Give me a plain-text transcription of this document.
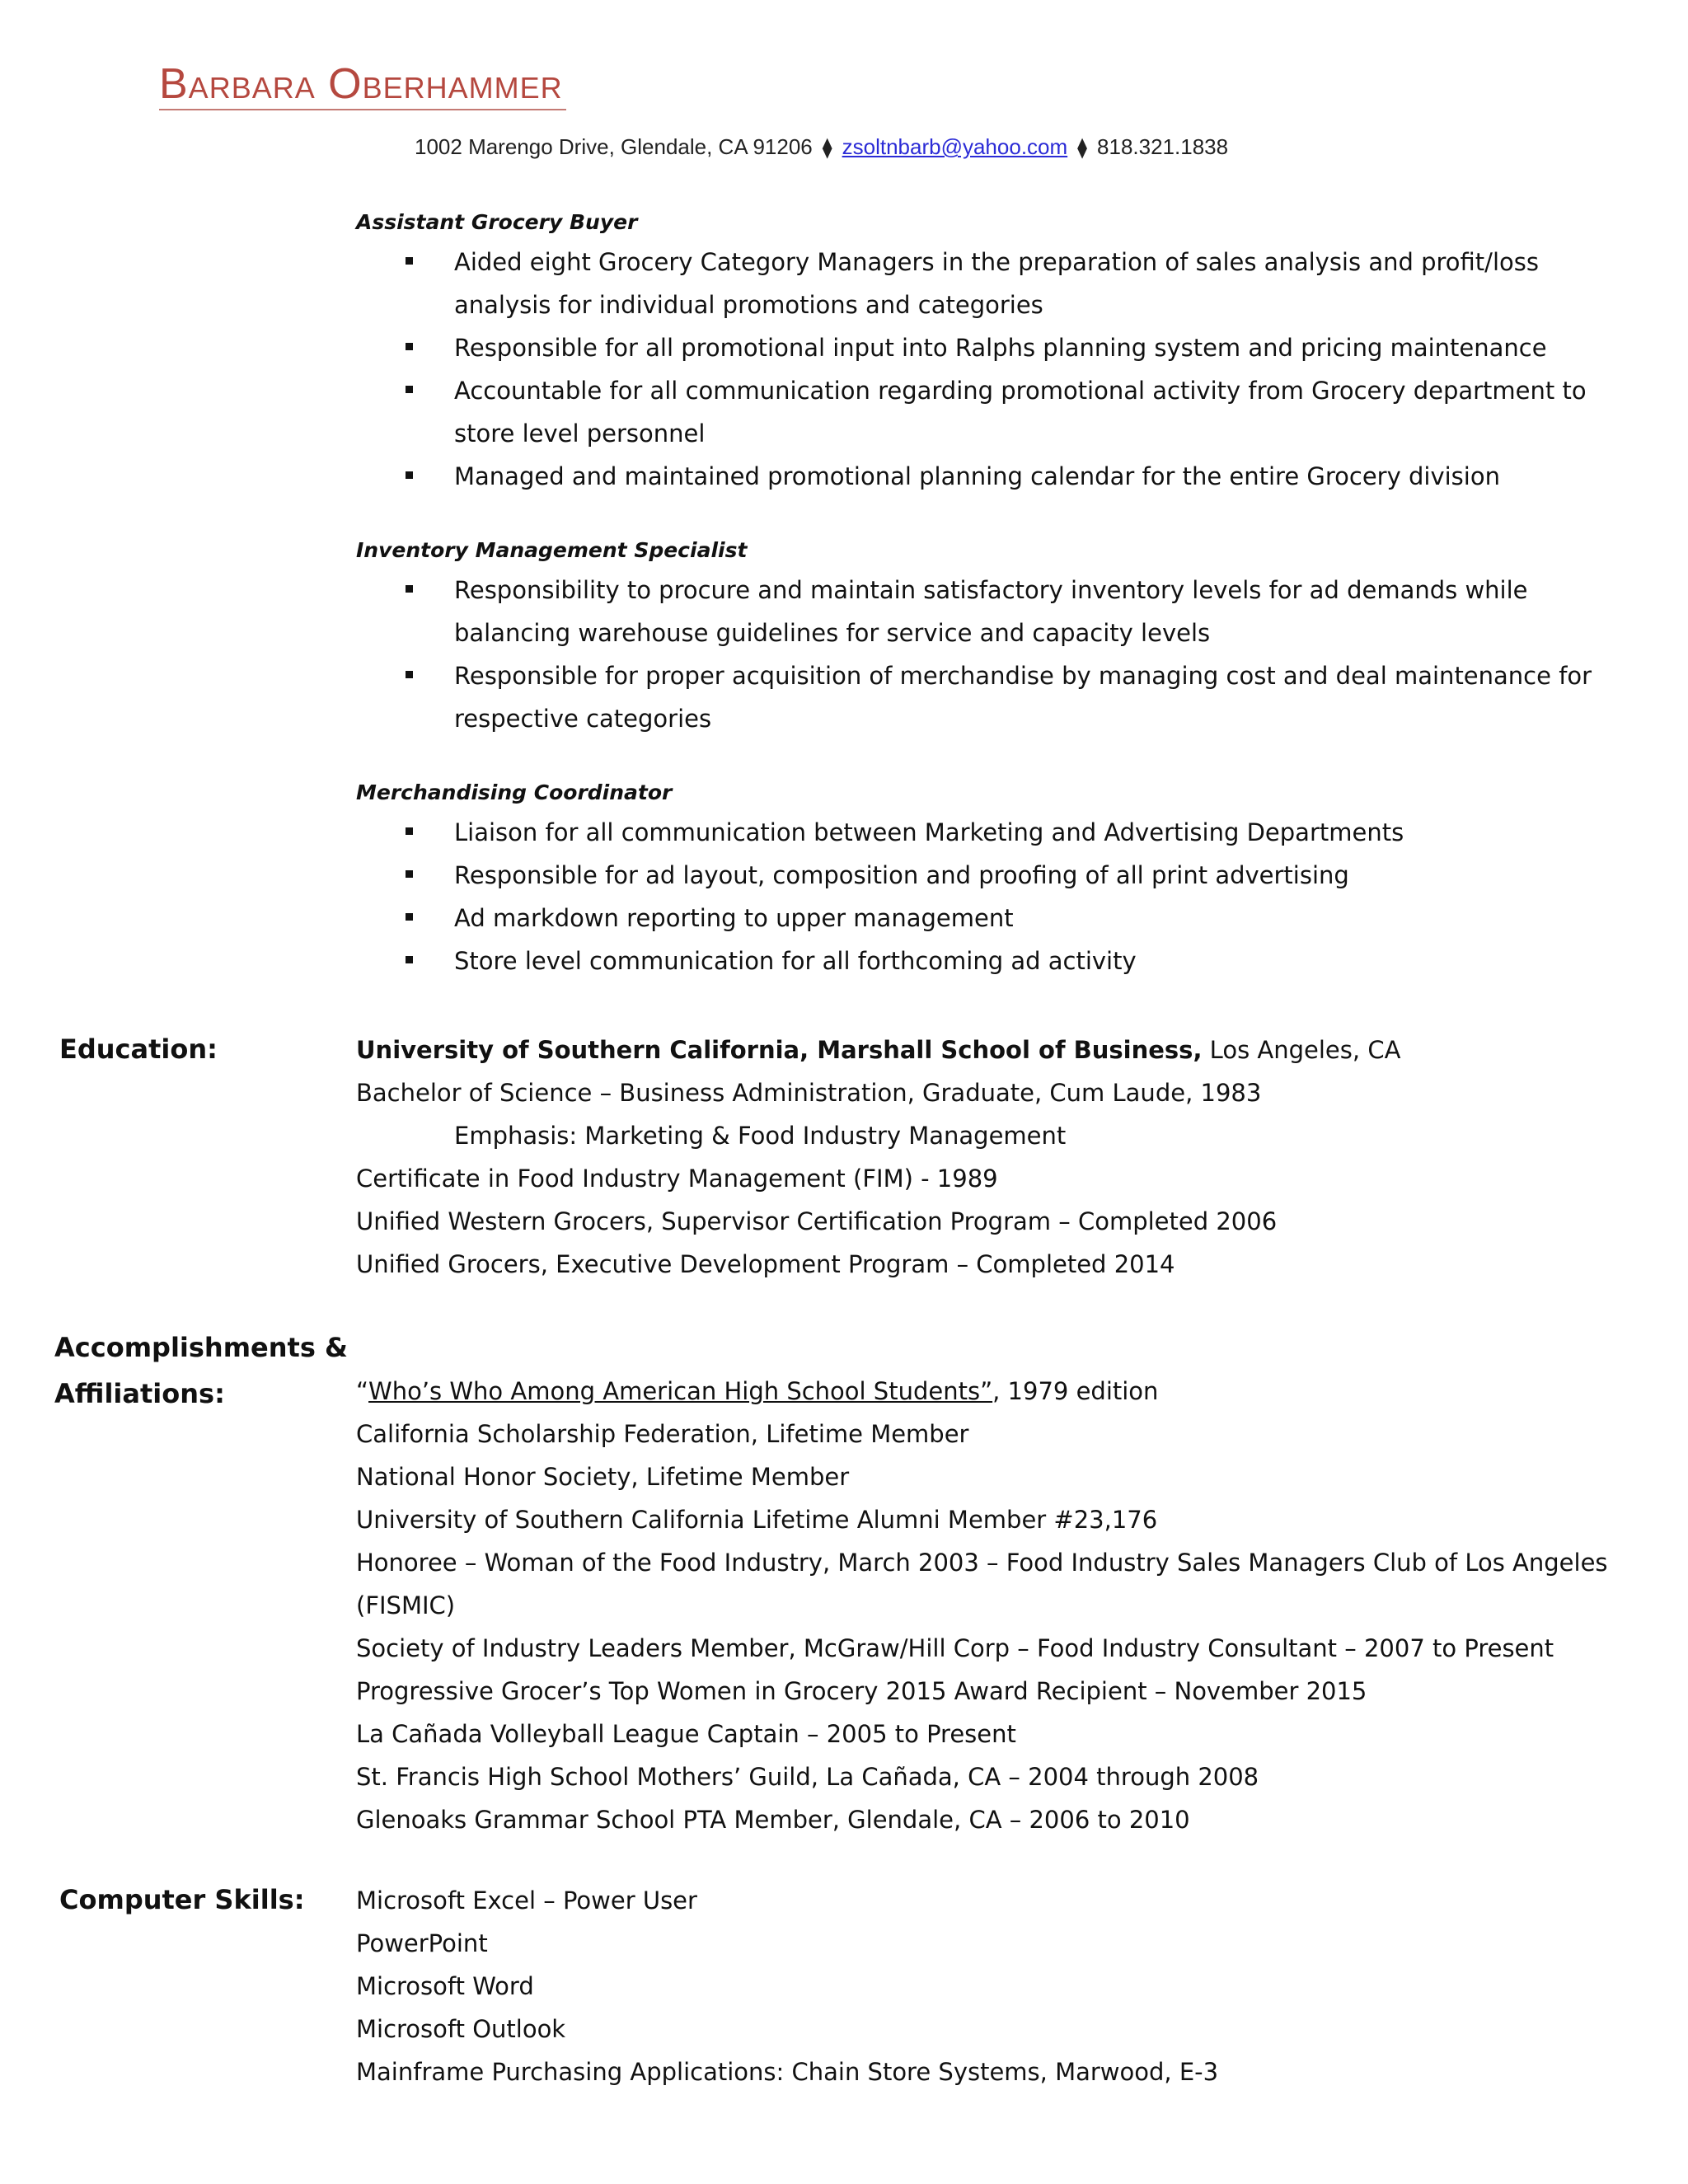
Barbara Oberhammer
1002 Marengo Drive, Glendale, CA 91206 ⧫ zsoltnbarb@yahoo.com ⧫ 818.321.1838
Assistant Grocery Buyer
Aided eight Grocery Category Managers in the preparation of sales analysis and profit/loss analysis for individual promotions and categories
Responsible for all promotional input into Ralphs planning system and pricing maintenance
Accountable for all communication regarding promotional activity from Grocery department to store level personnel
Managed and maintained promotional planning calendar for the entire Grocery division
Inventory Management Specialist
Responsibility to procure and maintain satisfactory inventory levels for ad demands while balancing warehouse guidelines for service and capacity levels
Responsible for proper acquisition of merchandise by managing cost and deal maintenance for respective categories
Merchandising Coordinator
Liaison for all communication between Marketing and Advertising Departments
Responsible for ad layout, composition and proofing of all print advertising
Ad markdown reporting to upper management
Store level communication for all forthcoming ad activity
Education:	University of Southern California, Marshall School of Business, Los Angeles, CA
Bachelor of Science – Business Administration, Graduate, Cum Laude, 1983
Emphasis: Marketing & Food Industry Management
Certificate in Food Industry Management (FIM) - 1989
Unified Western Grocers, Supervisor Certification Program – Completed 2006
Unified Grocers, Executive Development Program – Completed 2014
Accomplishments &
Affiliations:	“Who’s Who Among American High School Students”, 1979 edition
California Scholarship Federation, Lifetime Member
National Honor Society, Lifetime Member
University of Southern California Lifetime Alumni Member #23,176
Honoree – Woman of the Food Industry, March 2003 – Food Industry Sales Managers Club of Los Angeles (FISMIC)
Society of Industry Leaders Member, McGraw/Hill Corp – Food Industry Consultant – 2007 to Present
Progressive Grocer’s Top Women in Grocery 2015 Award Recipient – November 2015
La Cañada Volleyball League Captain – 2005 to Present
St. Francis High School Mothers’ Guild, La Cañada, CA – 2004 through 2008
Glenoaks Grammar School PTA Member, Glendale, CA – 2006 to 2010
Computer Skills: Microsoft Excel – Power User
PowerPoint
Microsoft Word
Microsoft Outlook
Mainframe Purchasing Applications: Chain Store Systems, Marwood, E-3
